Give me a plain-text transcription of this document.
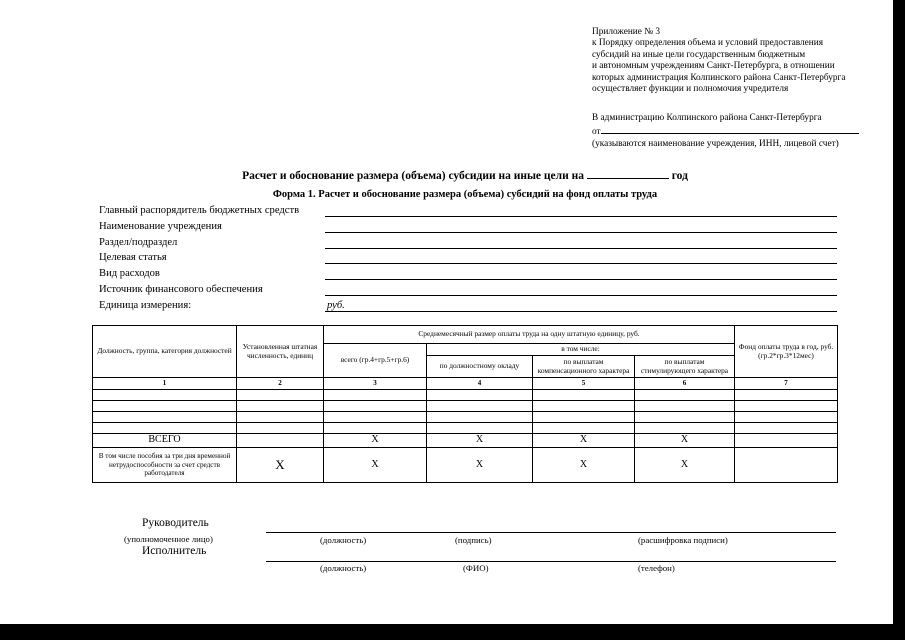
Приложение № 3
к Порядку определения объема и условий предоставления
субсидий на иные цели государственным бюджетным
и автономным учреждениям Санкт-Петербурга, в отношении
которых администрация Колпинского района Санкт-Петербурга
осуществляет функции и полномочия учредителя
В администрацию Колпинского района Санкт-Петербурга
от
(указываются наименование учреждения, ИНН, лицевой счет)
Расчет и обоснование размера (объема) субсидии на иные цели на	год
Форма 1. Расчет и обоснование размера (объема) субсидий на фонд оплаты труда
Главный распорядитель бюджетных средств
Наименование учреждения
Раздел/подраздел
Целевая статья
Вид расходов
Источник финансового обеспечения
Единица измерения:	руб.
Должность, группа, категория должностей	Установленная штатная численность, единиц	Среднемесячный размер оплаты труда на одну штатную единицу, руб.				Фонд оплаты труда в год, руб. (гр.2*гр.3*12мес)
		всего (гр.4+гр.5+гр.6)	в том числе:			
			по должностному окладу	по выплатам компенсационного характера	по выплатам стимулирующего характера	
1	2	3	4	5	6	7

ВСЕГО		Х	Х	Х	Х	
В том числе пособия за три дня временной нетрудоспособности за счет средств работодателя	Х	Х	Х	Х	Х	
Руководитель
(уполномоченное лицо)
Исполнитель
(должность)	(подпись)	(расшифровка подписи)
(должность)	(ФИО)	(телефон)
